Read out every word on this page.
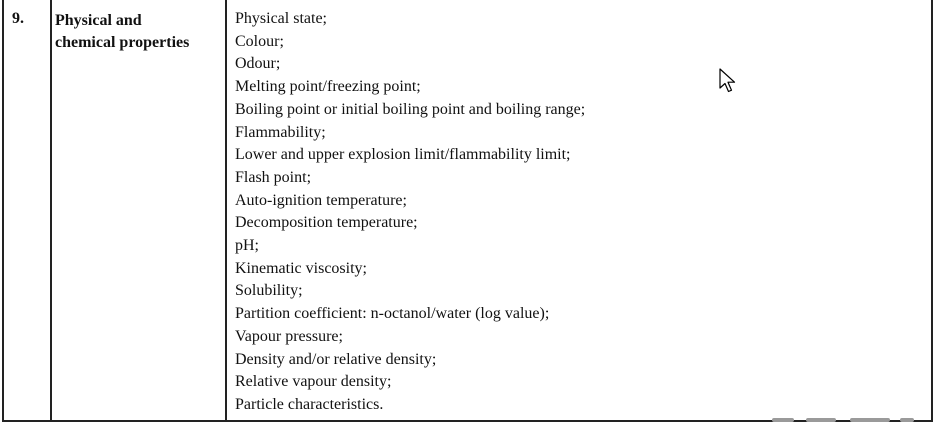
9.	Physical and
chemical properties

Physical state;
Colour;
Odour;
Melting point/freezing point;
Boiling point or initial boiling point and boiling range;
Flammability;
Lower and upper explosion limit/flammability limit;
Flash point;
Auto-ignition temperature;
Decomposition temperature;
pH;
Kinematic viscosity;
Solubility;
Partition coefficient: n-octanol/water (log value);
Vapour pressure;
Density and/or relative density;
Relative vapour density;
Particle characteristics.
